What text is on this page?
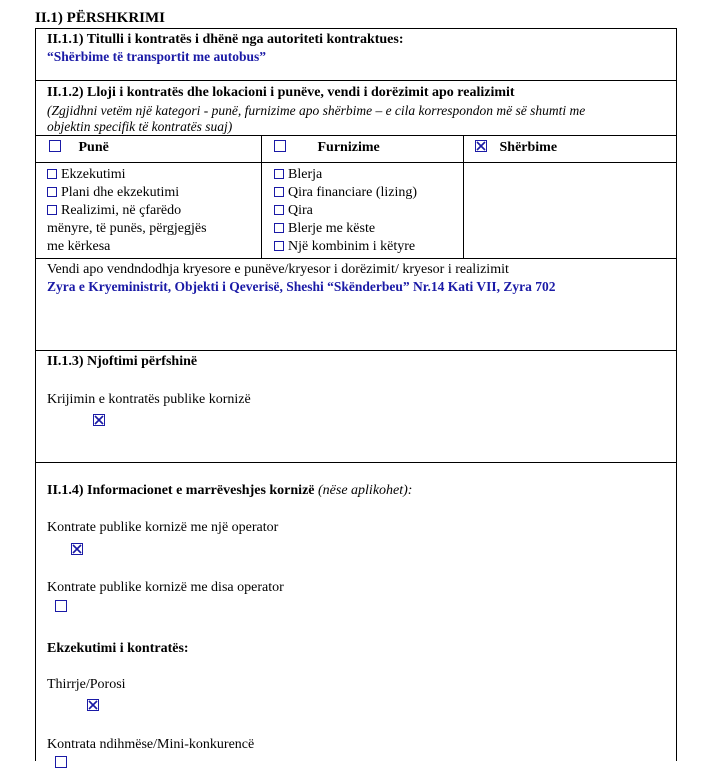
II.1) PËRSHKRIMI
II.1.1) Titulli i kontratës i dhënë nga autoriteti kontraktues:
“Shërbime të transportit me autobus”
II.1.2) Lloji i kontratës dhe lokacioni i punëve, vendi i dorëzimit apo realizimit
(Zgjidhni vetëm një kategori - punë, furnizime apo shërbime – e cila korrespondon më së shumti me
objektin specifik të kontratës suaj)
Punë	Furnizime	Shërbime
Ekzekutimi
Plani dhe ekzekutimi
Realizimi, në çfarëdo
mënyre, të punës, përgjegjës
me kërkesa
Blerja
Qira financiare (lizing)
Qira
Blerje me këste
Një kombinim i këtyre
Vendi apo vendndodhja kryesore e punëve/kryesor i dorëzimit/ kryesor i realizimit
Zyra e Kryeministrit, Objekti i Qeverisë, Sheshi “Skënderbeu” Nr.14 Kati VII, Zyra 702
II.1.3) Njoftimi përfshinë
Krijimin e kontratës publike kornizë

II.1.4) Informacionet e marrëveshjes kornizë (nëse aplikohet):
Kontrate publike kornizë me një operator

Kontrate publike kornizë me disa operator
Ekzekutimi i kontratës:
Thirrje/Porosi
Kontrata ndihmëse/Mini-konkurencë
